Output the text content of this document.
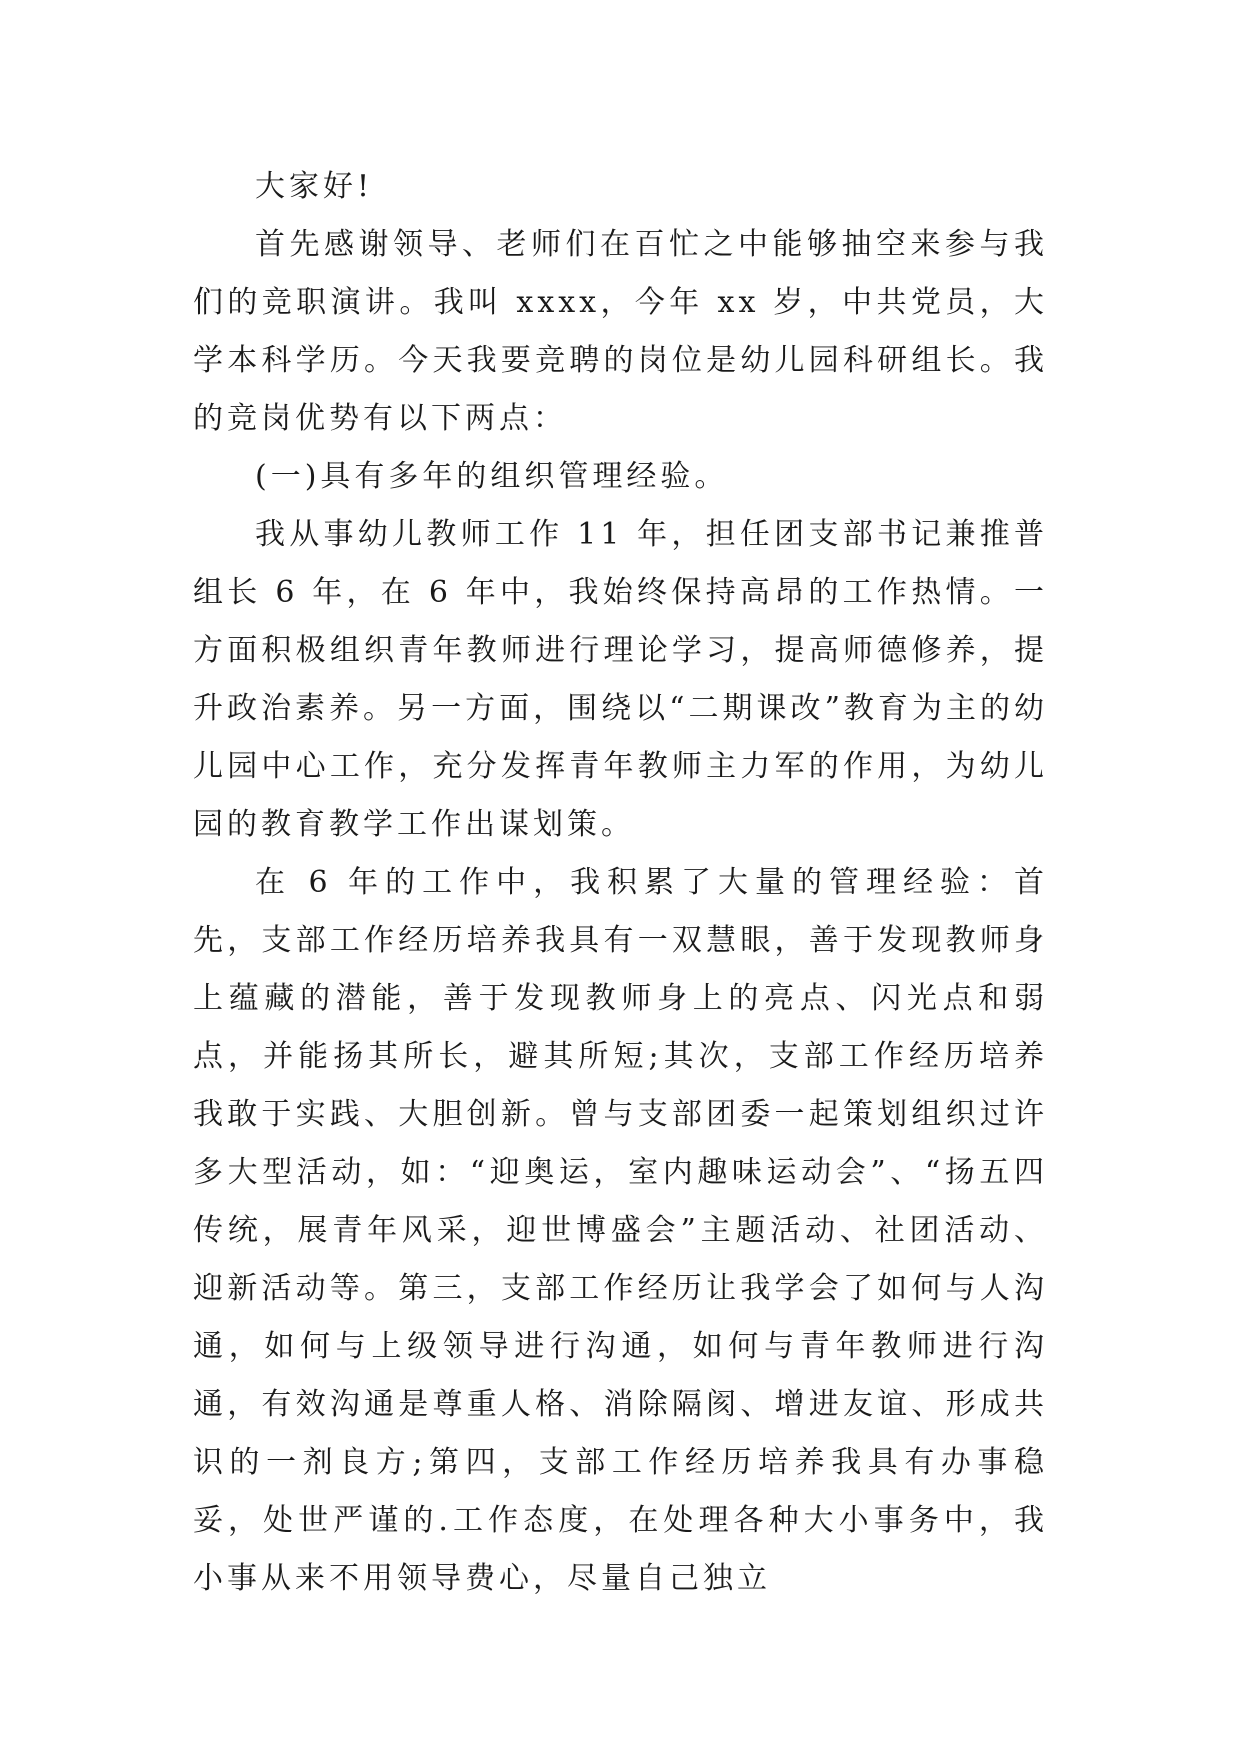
大家好!

首先感谢领导、老师们在百忙之中能够抽空来参与我们的竞职演讲。我叫 xxxx，今年 xx 岁，中共党员，大学本科学历。今天我要竞聘的岗位是幼儿园科研组长。我的竞岗优势有以下两点：

(一)具有多年的组织管理经验。

我从事幼儿教师工作 11 年，担任团支部书记兼推普组长 6 年，在 6 年中，我始终保持高昂的工作热情。一方面积极组织青年教师进行理论学习，提高师德修养，提升政治素养。另一方面，围绕以“二期课改”教育为主的幼儿园中心工作，充分发挥青年教师主力军的作用，为幼儿园的教育教学工作出谋划策。

在 6 年的工作中，我积累了大量的管理经验：首先，支部工作经历培养我具有一双慧眼，善于发现教师身上蕴藏的潜能，善于发现教师身上的亮点、闪光点和弱点，并能扬其所长，避其所短;其次，支部工作经历培养我敢于实践、大胆创新。曾与支部团委一起策划组织过许多大型活动，如：“迎奥运，室内趣味运动会”、“扬五四传统，展青年风采，迎世博盛会”主题活动、社团活动、迎新活动等。第三，支部工作经历让我学会了如何与人沟通，如何与上级领导进行沟通，如何与青年教师进行沟通，有效沟通是尊重人格、消除隔阂、增进友谊、形成共识的一剂良方;第四，支部工作经历培养我具有办事稳妥，处世严谨的.工作态度，在处理各种大小事务中，我小事从来不用领导费心，尽量自己独立
